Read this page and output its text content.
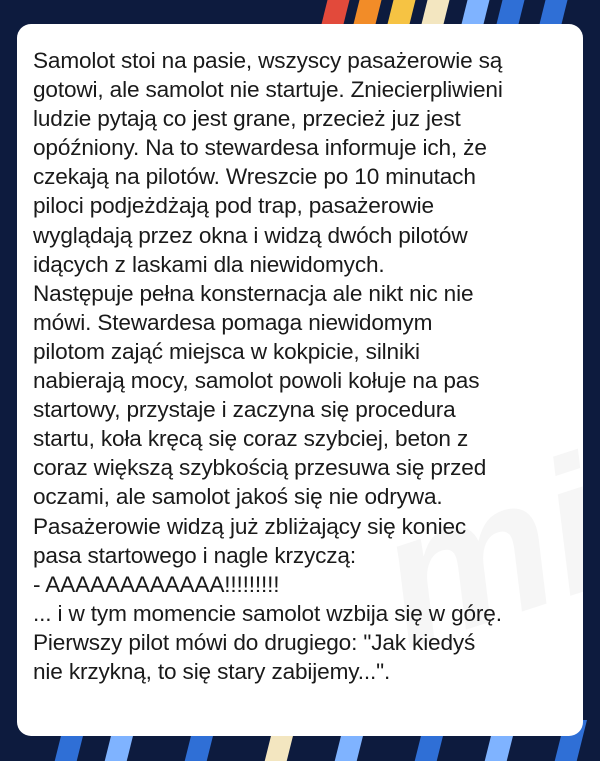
Samolot stoi na pasie, wszyscy pasażerowie są
gotowi, ale samolot nie startuje. Zniecierpliwieni
ludzie pytają co jest grane, przecież juz jest
opóźniony. Na to stewardesa informuje ich, że
czekają na pilotów. Wreszcie po 10 minutach
piloci podjeżdżają pod trap, pasażerowie
wyglądają przez okna i widzą dwóch pilotów
idących z laskami dla niewidomych.
Następuje pełna konsternacja ale nikt nic nie
mówi. Stewardesa pomaga niewidomym
pilotom zająć miejsca w kokpicie, silniki
nabierają mocy, samolot powoli kołuje na pas
startowy, przystaje i zaczyna się procedura
startu, koła kręcą się coraz szybciej, beton z
coraz większą szybkością przesuwa się przed
oczami, ale samolot jakoś się nie odrywa.
Pasażerowie widzą już zbliżający się koniec
pasa startowego i nagle krzyczą:
- AAAAAAAAAAAA!!!!!!!!!
... i w tym momencie samolot wzbija się w górę.
Pierwszy pilot mówi do drugiego: "Jak kiedyś
nie krzykną, to się stary zabijemy...".
